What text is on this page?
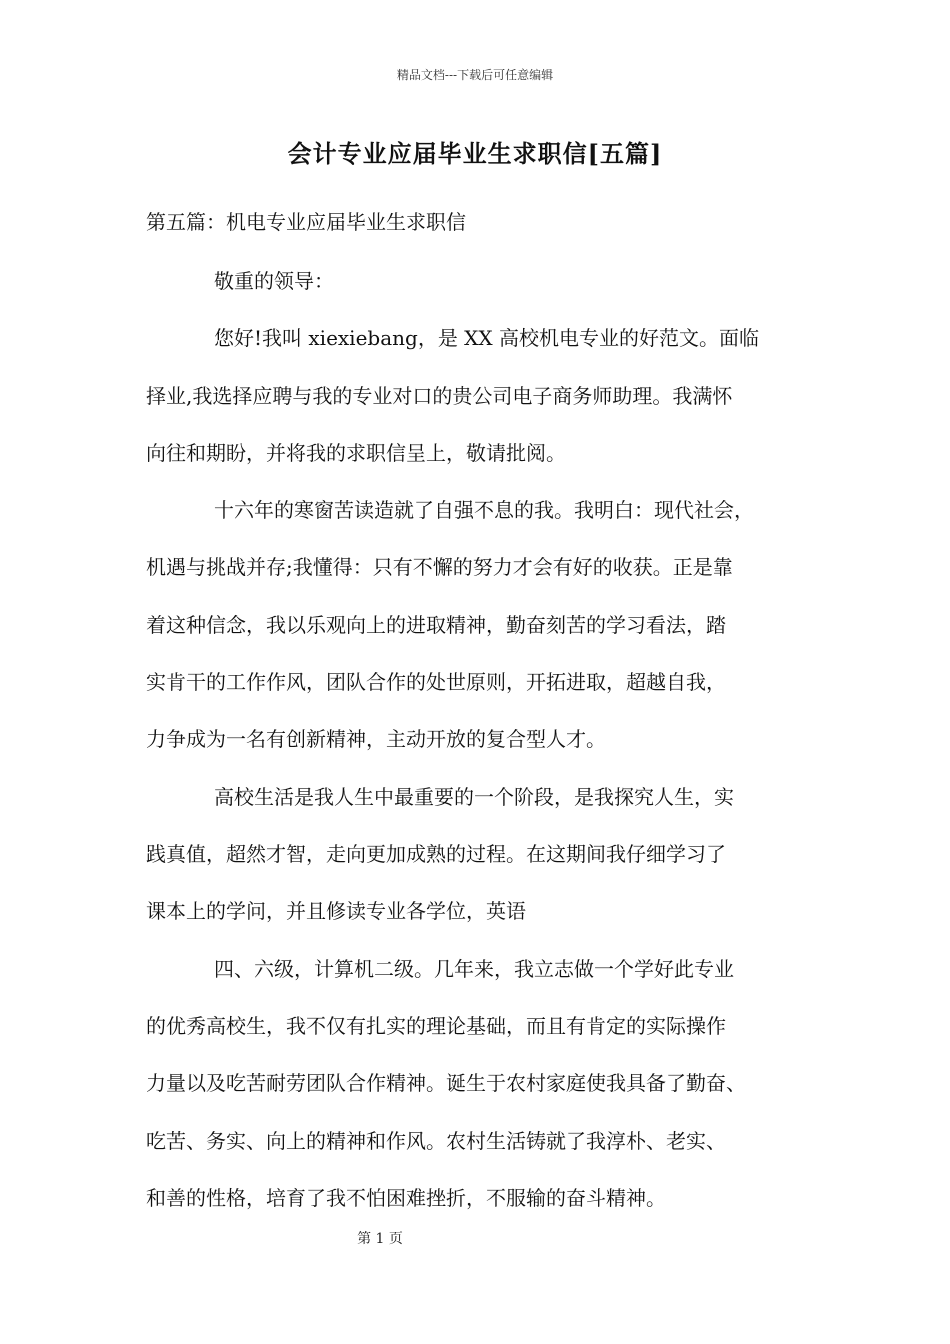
精品文档---下载后可任意编辑
会计专业应届毕业生求职信[五篇]
第五篇：机电专业应届毕业生求职信
敬重的领导：
您好!我叫 xiexiebang，是 XX 高校机电专业的好范文。面临
择业,我选择应聘与我的专业对口的贵公司电子商务师助理。我满怀
向往和期盼，并将我的求职信呈上，敬请批阅。
十六年的寒窗苦读造就了自强不息的我。我明白：现代社会，
机遇与挑战并存;我懂得：只有不懈的努力才会有好的收获。正是靠
着这种信念，我以乐观向上的进取精神，勤奋刻苦的学习看法，踏
实肯干的工作作风，团队合作的处世原则，开拓进取，超越自我，
力争成为一名有创新精神，主动开放的复合型人才。
高校生活是我人生中最重要的一个阶段，是我探究人生，实
践真值，超然才智，走向更加成熟的过程。在这期间我仔细学习了
课本上的学问，并且修读专业各学位，英语
四、六级，计算机二级。几年来，我立志做一个学好此专业
的优秀高校生，我不仅有扎实的理论基础，而且有肯定的实际操作
力量以及吃苦耐劳团队合作精神。诞生于农村家庭使我具备了勤奋、
吃苦、务实、向上的精神和作风。农村生活铸就了我淳朴、老实、
和善的性格，培育了我不怕困难挫折，不服输的奋斗精神。
第 1 页
